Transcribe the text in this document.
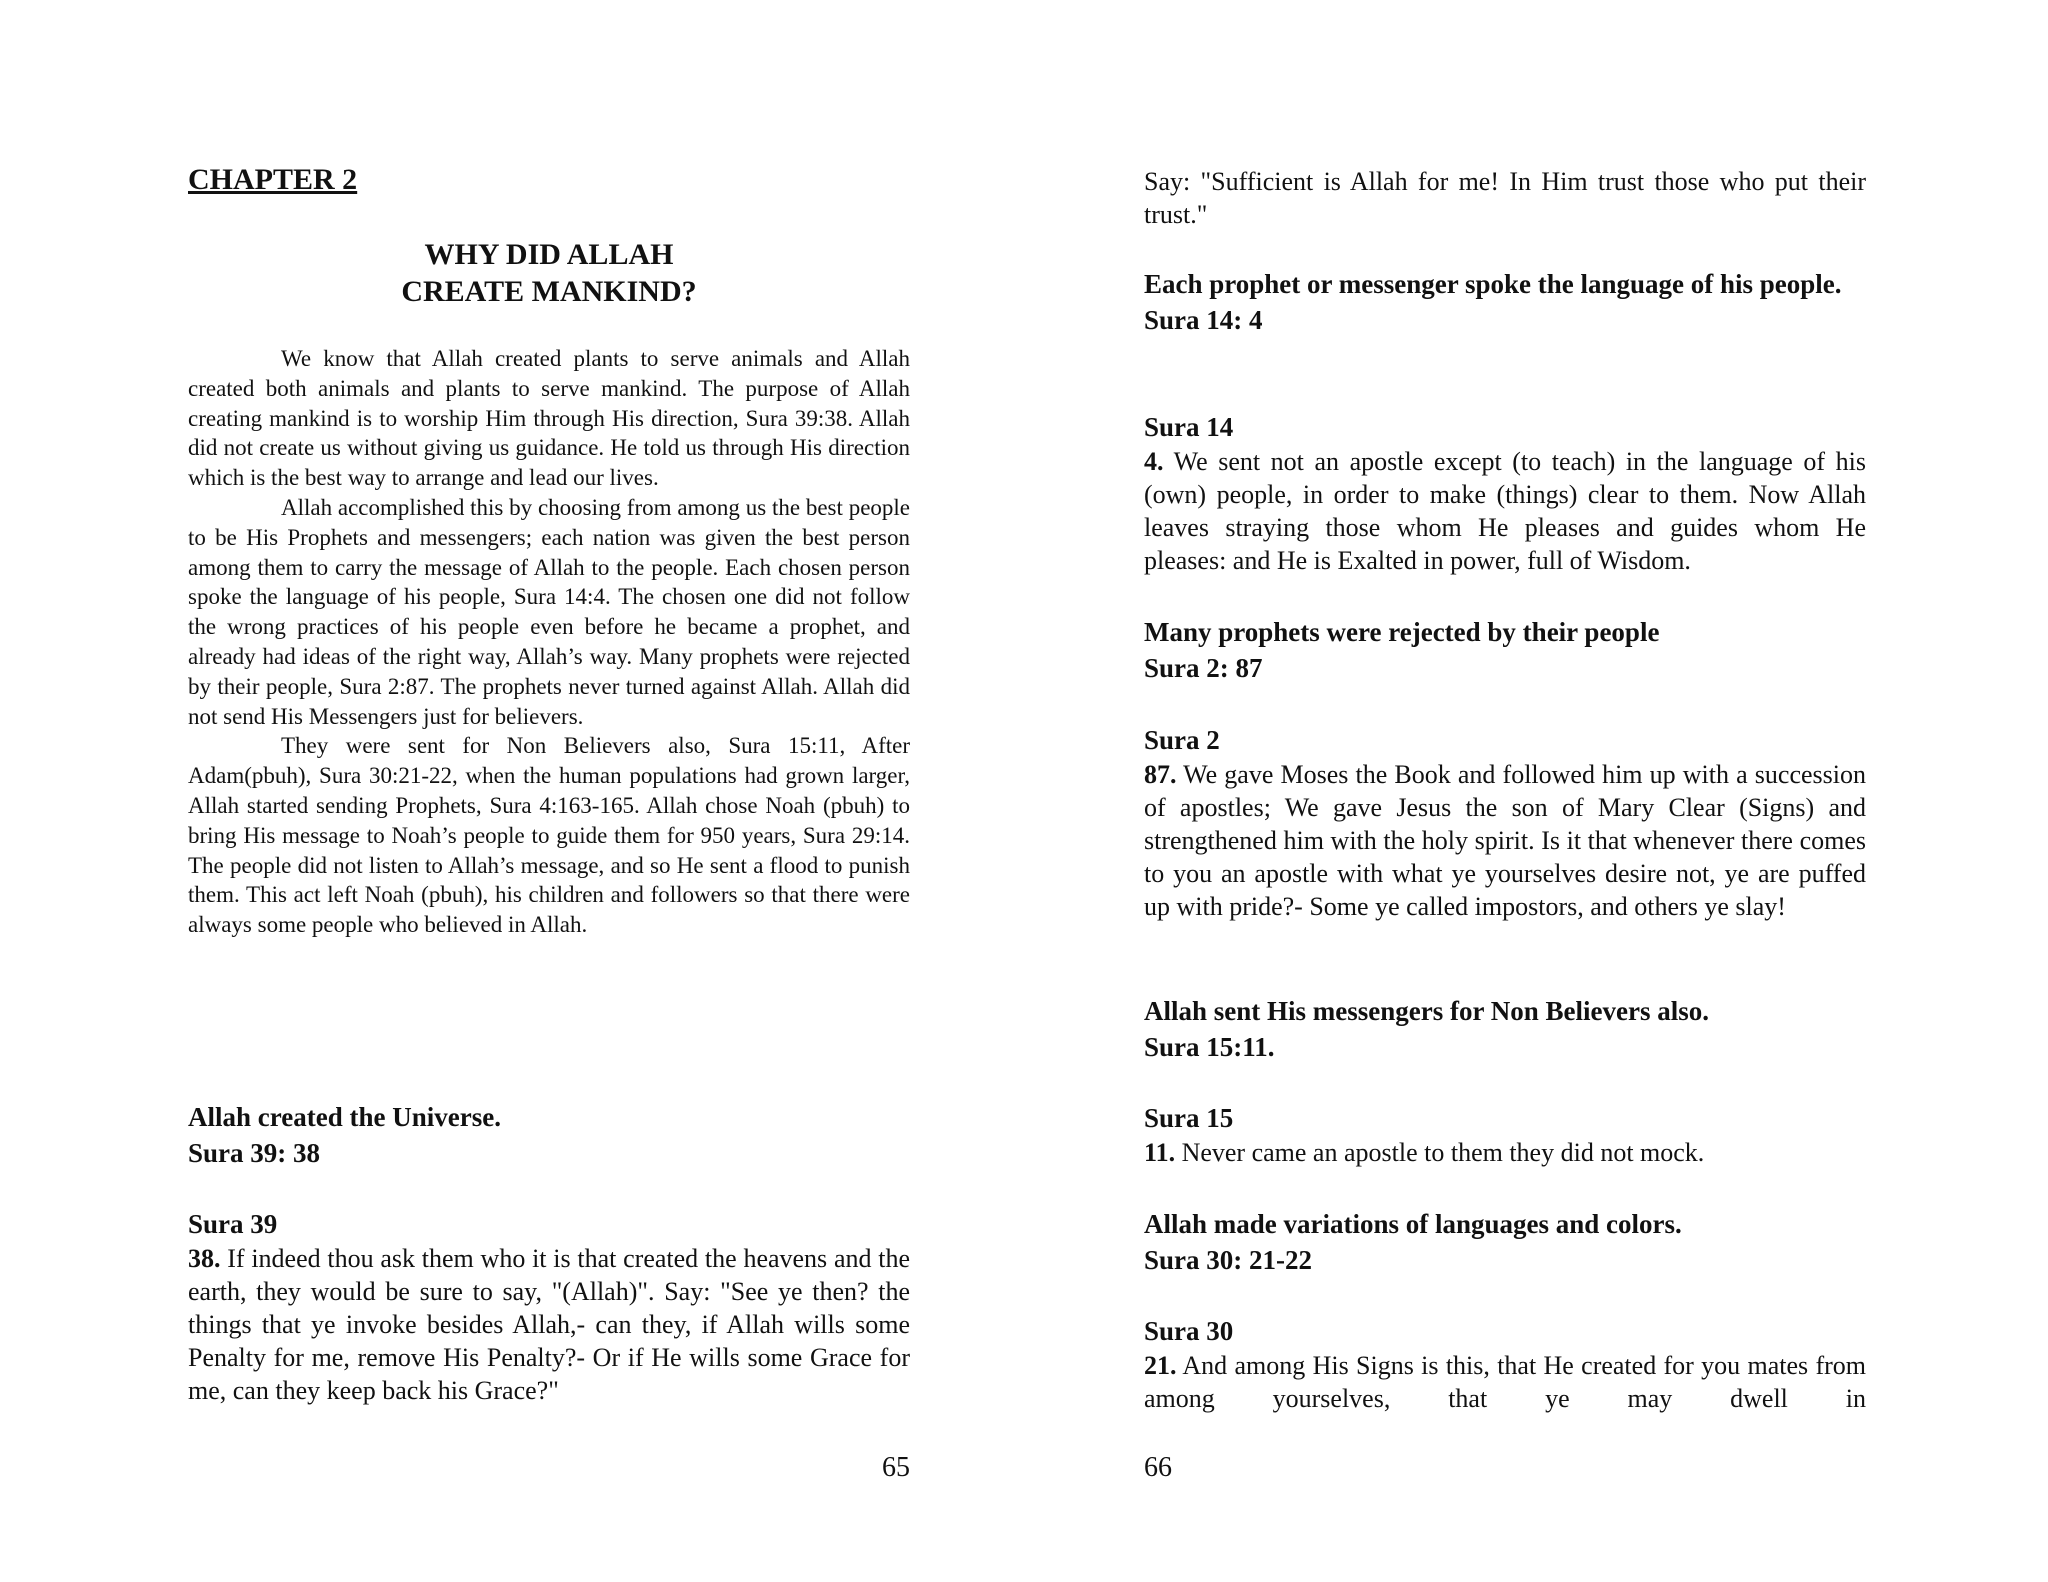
CHAPTER 2
WHY DID ALLAH
CREATE MANKIND?

We know that Allah created plants to serve animals and Allah created both animals and plants to serve mankind. The purpose of Allah creating mankind is to worship Him through His direction, Sura 39:38. Allah did not create us without giving us guidance. He told us through His direction which is the best way to arrange and lead our lives.

Allah accomplished this by choosing from among us the best people to be His Prophets and messengers; each nation was given the best person among them to carry the message of Allah to the people. Each chosen person spoke the language of his people, Sura 14:4. The chosen one did not follow the wrong practices of his people even before he became a prophet, and already had ideas of the right way, Allah’s way. Many prophets were rejected by their people, Sura 2:87. The prophets never turned against Allah. Allah did not send His Messengers just for believers.

They were sent for Non Believers also, Sura 15:11, After Adam(pbuh), Sura 30:21-22, when the human populations had grown larger, Allah started sending Prophets, Sura 4:163-165. Allah chose Noah (pbuh) to bring His message to Noah’s people to guide them for 950 years, Sura 29:14. The people did not listen to Allah’s message, and so He sent a flood to punish them. This act left Noah (pbuh), his children and followers so that there were always some people who believed in Allah.

Allah created the Universe.
Sura 39: 38
Sura 39
38. If indeed thou ask them who it is that created the heavens and the earth, they would be sure to say, "(Allah)". Say: "See ye then? the things that ye invoke besides Allah,- can they, if Allah wills some Penalty for me, remove His Penalty?- Or if He wills some Grace for me, can they keep back his Grace?"
65
Say: "Sufficient is Allah for me! In Him trust those who put their trust."
Each prophet or messenger spoke the language of his people.
Sura 14: 4
Sura 14
4. We sent not an apostle except (to teach) in the language of his (own) people, in order to make (things) clear to them. Now Allah leaves straying those whom He pleases and guides whom He pleases: and He is Exalted in power, full of Wisdom.
Many prophets were rejected by their people
Sura 2: 87
Sura 2
87. We gave Moses the Book and followed him up with a succession of apostles; We gave Jesus the son of Mary Clear (Signs) and strengthened him with the holy spirit. Is it that whenever there comes to you an apostle with what ye yourselves desire not, ye are puffed up with pride?- Some ye called impostors, and others ye slay!
Allah sent His messengers for Non Believers also.
Sura 15:11.
Sura 15
11. Never came an apostle to them they did not mock.
Allah made variations of languages and colors.
Sura 30: 21-22
Sura 30
21. And among His Signs is this, that He created for you mates from among yourselves, that ye may dwell in
66
